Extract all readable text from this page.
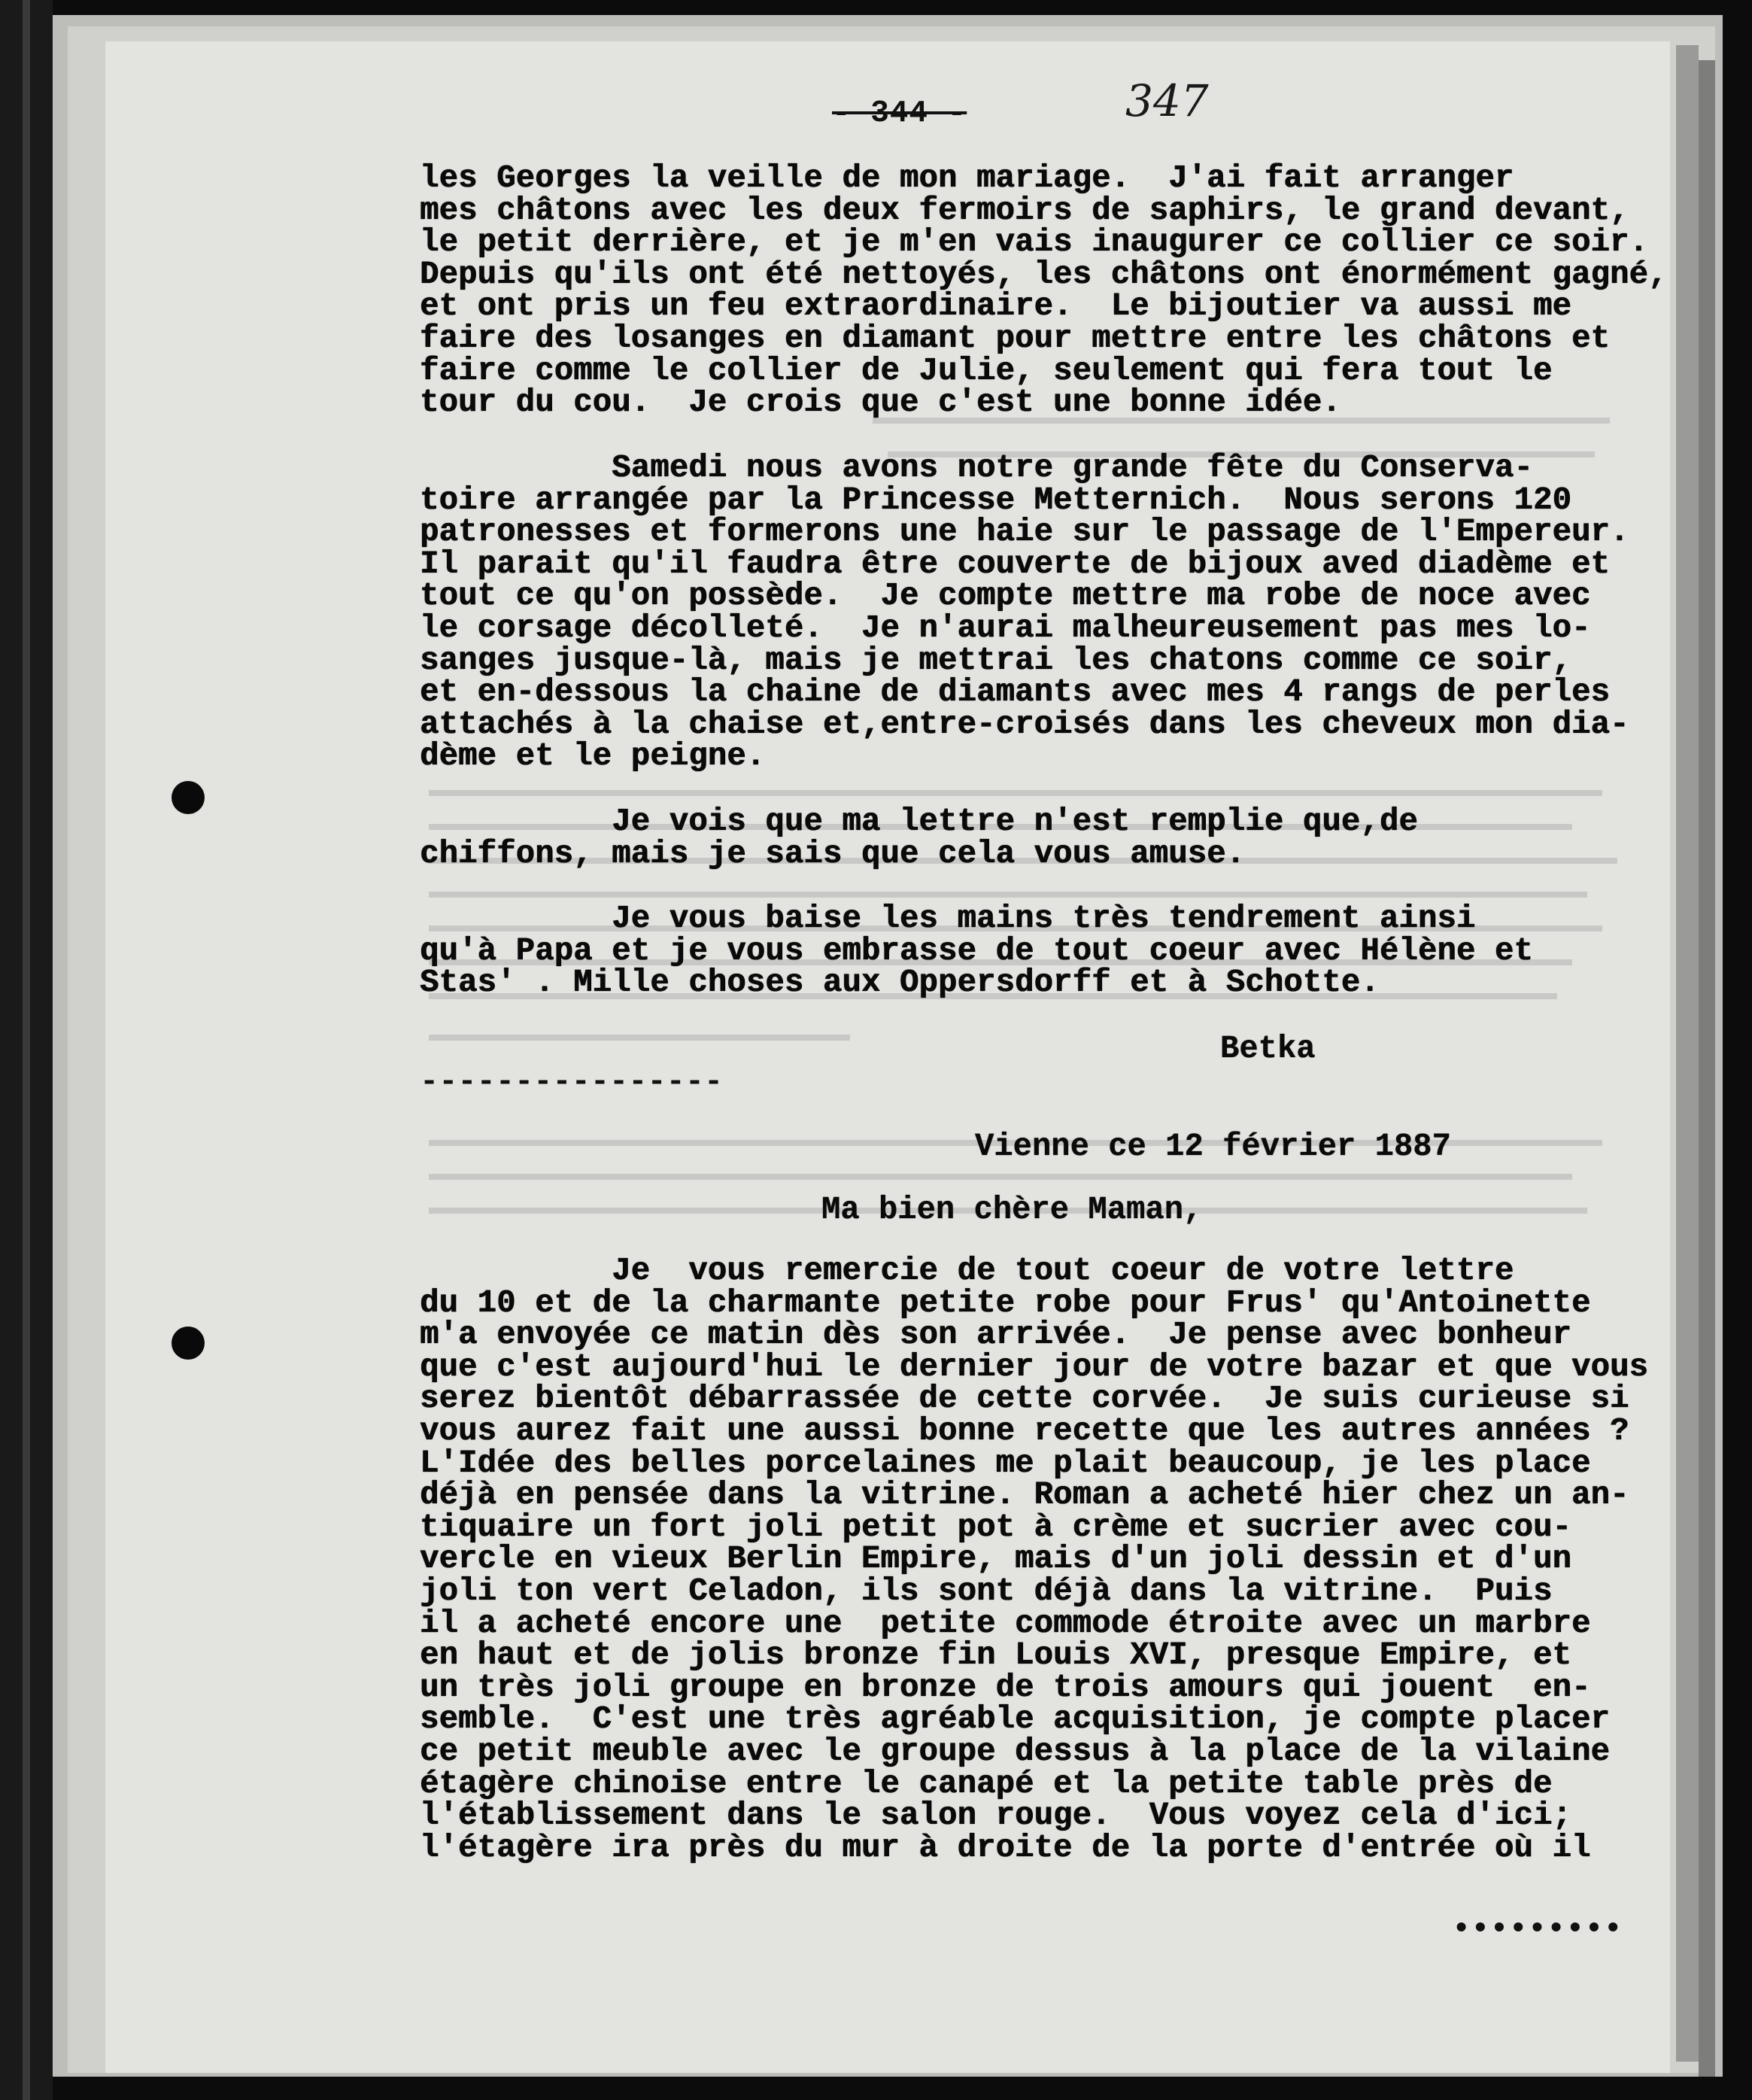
- 344 -	347
les Georges la veille de mon mariage.  J'ai fait arranger
mes châtons avec les deux fermoirs de saphirs, le grand devant,
le petit derrière, et je m'en vais inaugurer ce collier ce soir.
Depuis qu'ils ont été nettoyés, les châtons ont énormément gagné,
et ont pris un feu extraordinaire.  Le bijoutier va aussi me
faire des losanges en diamant pour mettre entre les châtons et
faire comme le collier de Julie, seulement qui fera tout le
tour du cou.  Je crois que c'est une bonne idée.
Samedi nous avons notre grande fête du Conserva-
toire arrangée par la Princesse Metternich.  Nous serons 120
patronesses et formerons une haie sur le passage de l'Empereur.
Il parait qu'il faudra être couverte de bijoux aved diadème et
tout ce qu'on possède.  Je compte mettre ma robe de noce avec
le corsage décolleté.  Je n'aurai malheureusement pas mes lo-
sanges jusque-là, mais je mettrai les chatons comme ce soir,
et en-dessous la chaine de diamants avec mes 4 rangs de perles
attachés à la chaise et,entre-croisés dans les cheveux mon dia-
dème et le peigne.
Je vois que ma lettre n'est remplie que,de
chiffons, mais je sais que cela vous amuse.
Je vous baise les mains très tendrement ainsi
qu'à Papa et je vous embrasse de tout coeur avec Hélène et
Stas' . Mille choses aux Oppersdorff et à Schotte.
Betka
----------------
Vienne ce 12 février 1887
Ma bien chère Maman,
Je  vous remercie de tout coeur de votre lettre
du 10 et de la charmante petite robe pour Frus' qu'Antoinette
m'a envoyée ce matin dès son arrivée.  Je pense avec bonheur
que c'est aujourd'hui le dernier jour de votre bazar et que vous
serez bientôt débarrassée de cette corvée.  Je suis curieuse si
vous aurez fait une aussi bonne recette que les autres années ?
L'Idée des belles porcelaines me plait beaucoup, je les place
déjà en pensée dans la vitrine. Roman a acheté hier chez un an-
tiquaire un fort joli petit pot à crème et sucrier avec cou-
vercle en vieux Berlin Empire, mais d'un joli dessin et d'un
joli ton vert Celadon, ils sont déjà dans la vitrine.  Puis
il a acheté encore une  petite commode étroite avec un marbre
en haut et de jolis bronze fin Louis XVI, presque Empire, et
un très joli groupe en bronze de trois amours qui jouent  en-
semble.  C'est une très agréable acquisition, je compte placer
ce petit meuble avec le groupe dessus à la place de la vilaine
étagère chinoise entre le canapé et la petite table près de
l'établissement dans le salon rouge.  Vous voyez cela d'ici;
l'étagère ira près du mur à droite de la porte d'entrée où il
•••••••••
